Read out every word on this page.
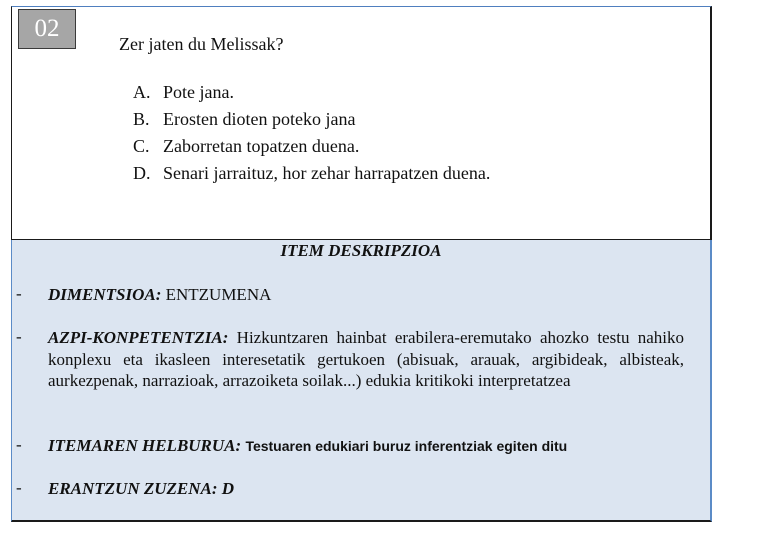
02
Zer jaten du Melissak?
A. Pote jana.
B. Erosten dioten poteko jana
C. Zaborretan topatzen duena.
D. Senari jarraituz, hor zehar harrapatzen duena.
ITEM DESKRIPZIOA
- DIMENTSIOA: ENTZUMENA
- AZPI-KONPETENTZIA: Hizkuntzaren hainbat erabilera-eremutako ahozko testu nahiko konplexu eta ikasleen interesetatik gertukoen (abisuak, arauak, argibideak, albisteak, aurkezpenak, narrazioak, arrazoiketa soilak...) edukia kritikoki interpretatzea
- ITEMAREN HELBURUA: Testuaren edukiari buruz inferentziak egiten ditu
- ERANTZUN ZUZENA: D
